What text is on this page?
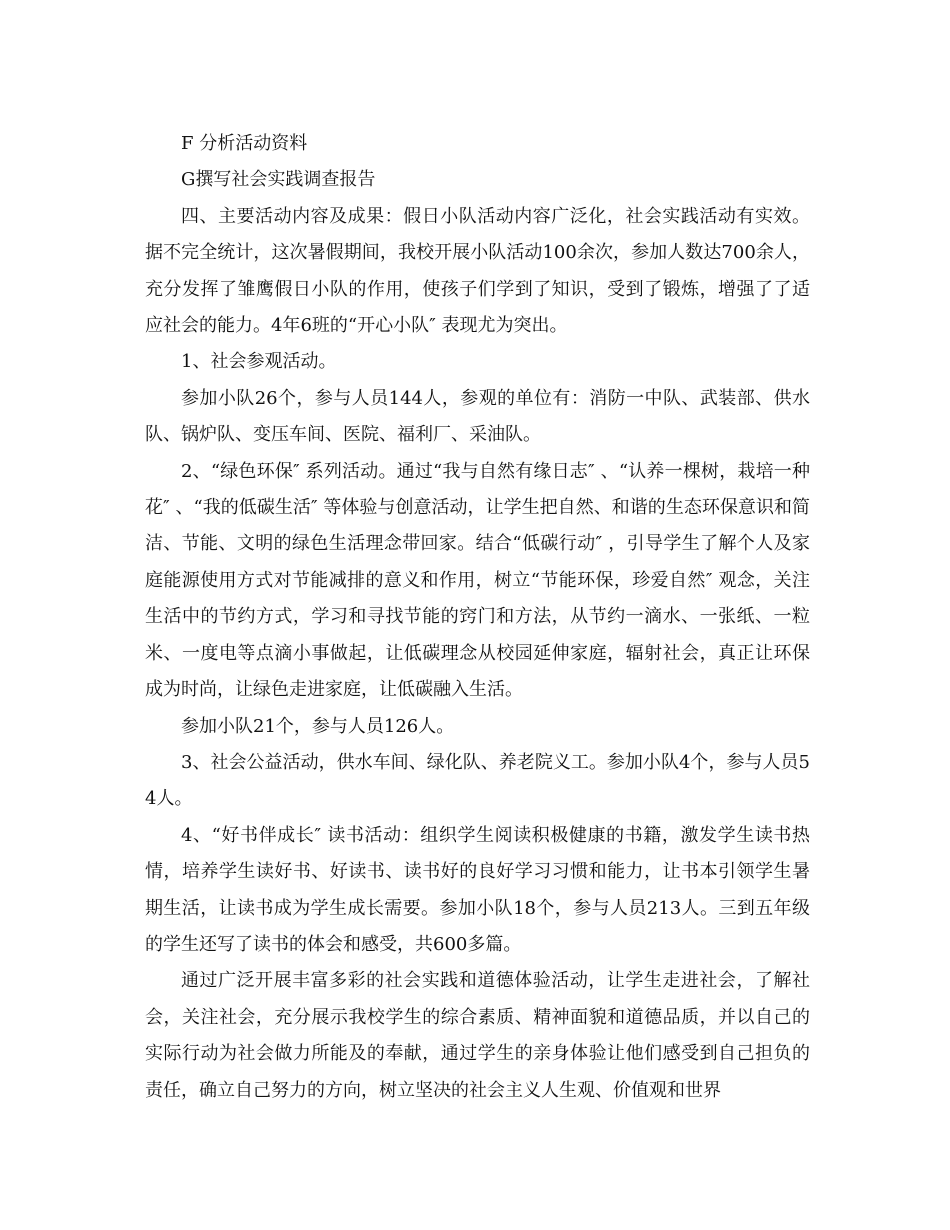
F 分析活动资料

G撰写社会实践调查报告

四、主要活动内容及成果：假日小队活动内容广泛化，社会实践活动有实效。据不完全统计，这次暑假期间，我校开展小队活动100余次，参加人数达700余人，充分发挥了雏鹰假日小队的作用，使孩子们学到了知识，受到了锻炼，增强了了适应社会的能力。4年6班的“开心小队″ 表现尤为突出。

1、社会参观活动。

参加小队26个，参与人员144人，参观的单位有：消防一中队、武装部、供水队、锅炉队、变压车间、医院、福利厂、采油队。

2、“绿色环保″ 系列活动。通过“我与自然有缘日志″ 、“认养一棵树，栽培一种花″ 、“我的低碳生活″ 等体验与创意活动，让学生把自然、和谐的生态环保意识和简洁、节能、文明的绿色生活理念带回家。结合“低碳行动″ ，引导学生了解个人及家庭能源使用方式对节能减排的意义和作用，树立“节能环保，珍爱自然″ 观念，关注生活中的节约方式，学习和寻找节能的窍门和方法，从节约一滴水、一张纸、一粒米、一度电等点滴小事做起，让低碳理念从校园延伸家庭，辐射社会，真正让环保成为时尚，让绿色走进家庭，让低碳融入生活。

参加小队21个，参与人员126人。

3、社会公益活动，供水车间、绿化队、养老院义工。参加小队4个，参与人员54人。

4、“好书伴成长″ 读书活动：组织学生阅读积极健康的书籍，激发学生读书热情，培养学生读好书、好读书、读书好的良好学习习惯和能力，让书本引领学生暑期生活，让读书成为学生成长需要。参加小队18个，参与人员213人。三到五年级的学生还写了读书的体会和感受，共600多篇。

通过广泛开展丰富多彩的社会实践和道德体验活动，让学生走进社会，了解社会，关注社会，充分展示我校学生的综合素质、精神面貌和道德品质，并以自己的实际行动为社会做力所能及的奉献，通过学生的亲身体验让他们感受到自己担负的责任，确立自己努力的方向，树立坚决的社会主义人生观、价值观和世界
